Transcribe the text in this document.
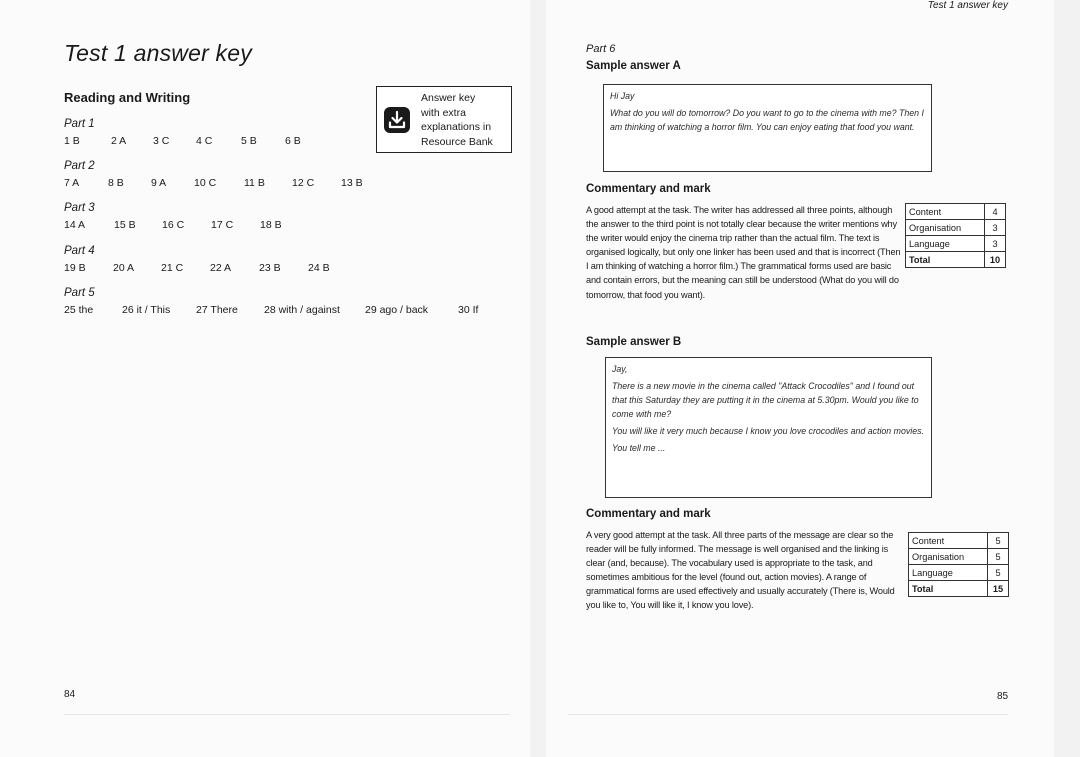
Test 1 answer key
Reading and Writing
Part 1
1 B	2 A	3 C	4 C	5 B	6 B
Part 2
7 A	8 B	9 A	10 C	11 B	12 C	13 B
Part 3
14 A	15 B	16 C	17 C	18 B
Part 4
19 B	20 A	21 C	22 A	23 B	24 B
Part 5
25 the	26 it / This	27 There	28 with / against	29 ago / back	30 If
Answer key
with extra
explanations in
Resource Bank
84
Test 1 answer key
Part 6
Sample answer A

Hi Jay

What do you will do tomorrow? Do you want to go to the cinema with me? Then I am thinking of watching a horror film. You can enjoy eating that food you want.

Commentary and mark
A good attempt at the task. The writer has addressed all three points, although the answer to the third point is not totally clear because the writer mentions why the writer would enjoy the cinema trip rather than the actual film. The text is organised logically, but only one linker has been used and that is incorrect (Then I am thinking of watching a horror film.) The grammatical forms used are basic and contain errors, but the meaning can still be understood (What do you will do tomorrow, that food you want).
Content	4
Organisation	3
Language	3
Total	10
Sample answer B

Jay,

There is a new movie in the cinema called "Attack Crocodiles" and I found out that this Saturday they are putting it in the cinema at 5.30pm. Would you like to come with me?

You will like it very much because I know you love crocodiles and action movies.

You tell me ...

Commentary and mark
A very good attempt at the task. All three parts of the message are clear so the reader will be fully informed. The message is well organised and the linking is clear (and, because). The vocabulary used is appropriate to the task, and sometimes ambitious for the level (found out, action movies). A range of grammatical forms are used effectively and usually accurately (There is, Would you like to, You will like it, I know you love).
Content	5
Organisation	5
Language	5
Total	15
85
